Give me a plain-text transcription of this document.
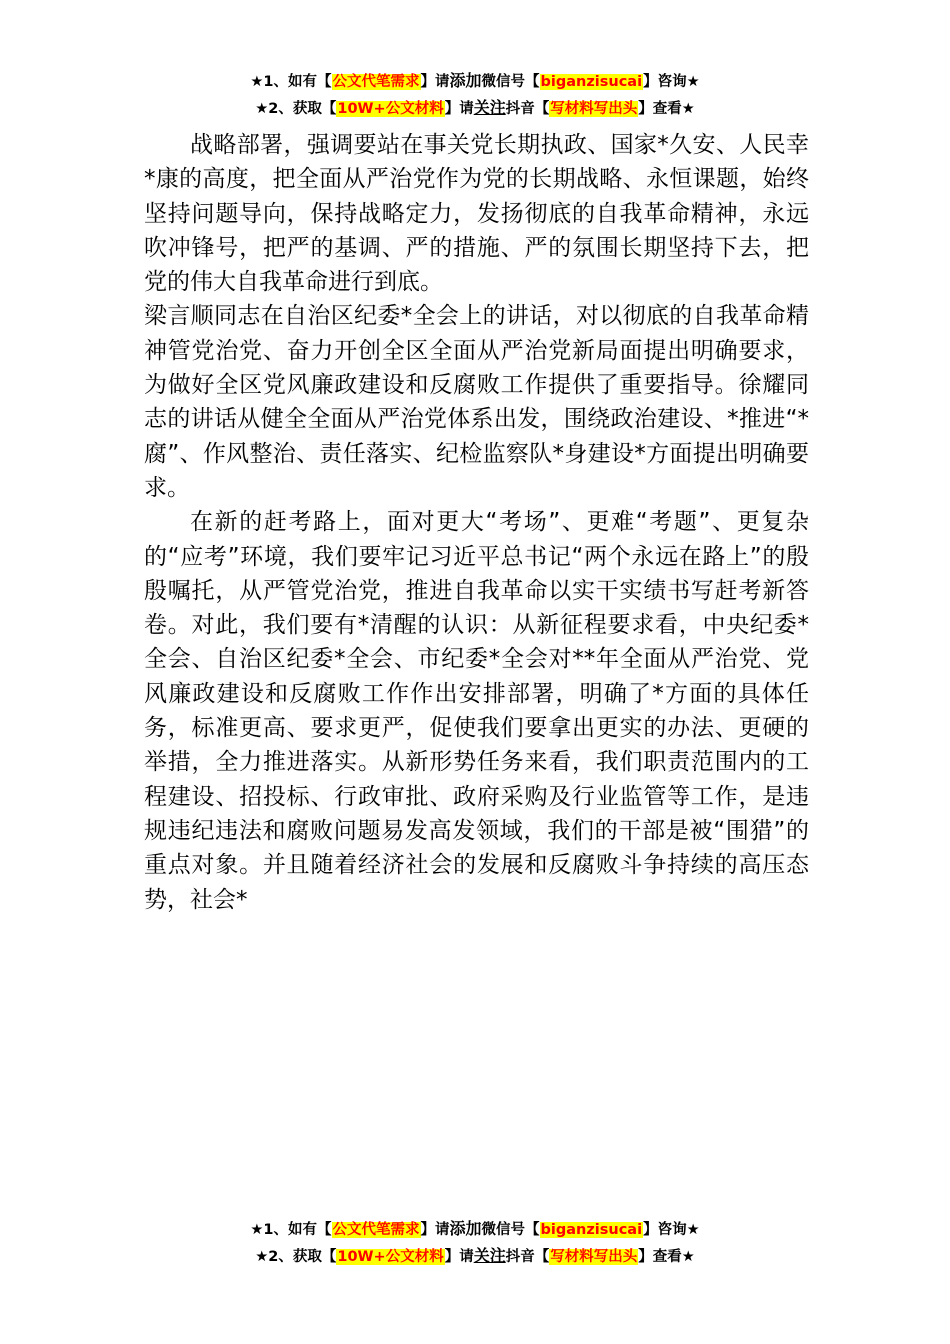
★1、如有【公文代笔需求】请添加微信号【biganzisucai】咨询★
★2、获取【10W+公文材料】请关注抖音【写材料写出头】查看★

战略部署，强调要站在事关党长期执政、国家*久安、人民幸*康的高度，把全面从严治党作为党的长期战略、永恒课题，始终坚持问题导向，保持战略定力，发扬彻底的自我革命精神，永远吹冲锋号，把严的基调、严的措施、严的氛围长期坚持下去，把党的伟大自我革命进行到底。

梁言顺同志在自治区纪委*全会上的讲话，对以彻底的自我革命精神管党治党、奋力开创全区全面从严治党新局面提出明确要求，为做好全区党风廉政建设和反腐败工作提供了重要指导。徐耀同志的讲话从健全全面从严治党体系出发，围绕政治建设、*推进“*腐”、作风整治、责任落实、纪检监察队*身建设*方面提出明确要求。

在新的赶考路上，面对更大“考场”、更难“考题”、更复杂的“应考”环境，我们要牢记习近平总书记“两个永远在路上”的殷殷嘱托，从严管党治党，推进自我革命以实干实绩书写赶考新答卷。对此，我们要有*清醒的认识：从新征程要求看，中央纪委*全会、自治区纪委*全会、市纪委*全会对**年全面从严治党、党风廉政建设和反腐败工作作出安排部署，明确了*方面的具体任务，标准更高、要求更严，促使我们要拿出更实的办法、更硬的举措，全力推进落实。从新形势任务来看，我们职责范围内的工程建设、招投标、行政审批、政府采购及行业监管等工作，是违规违纪违法和腐败问题易发高发领域，我们的干部是被“围猎”的重点对象。并且随着经济社会的发展和反腐败斗争持续的高压态势，社会*

★1、如有【公文代笔需求】请添加微信号【biganzisucai】咨询★
★2、获取【10W+公文材料】请关注抖音【写材料写出头】查看★
